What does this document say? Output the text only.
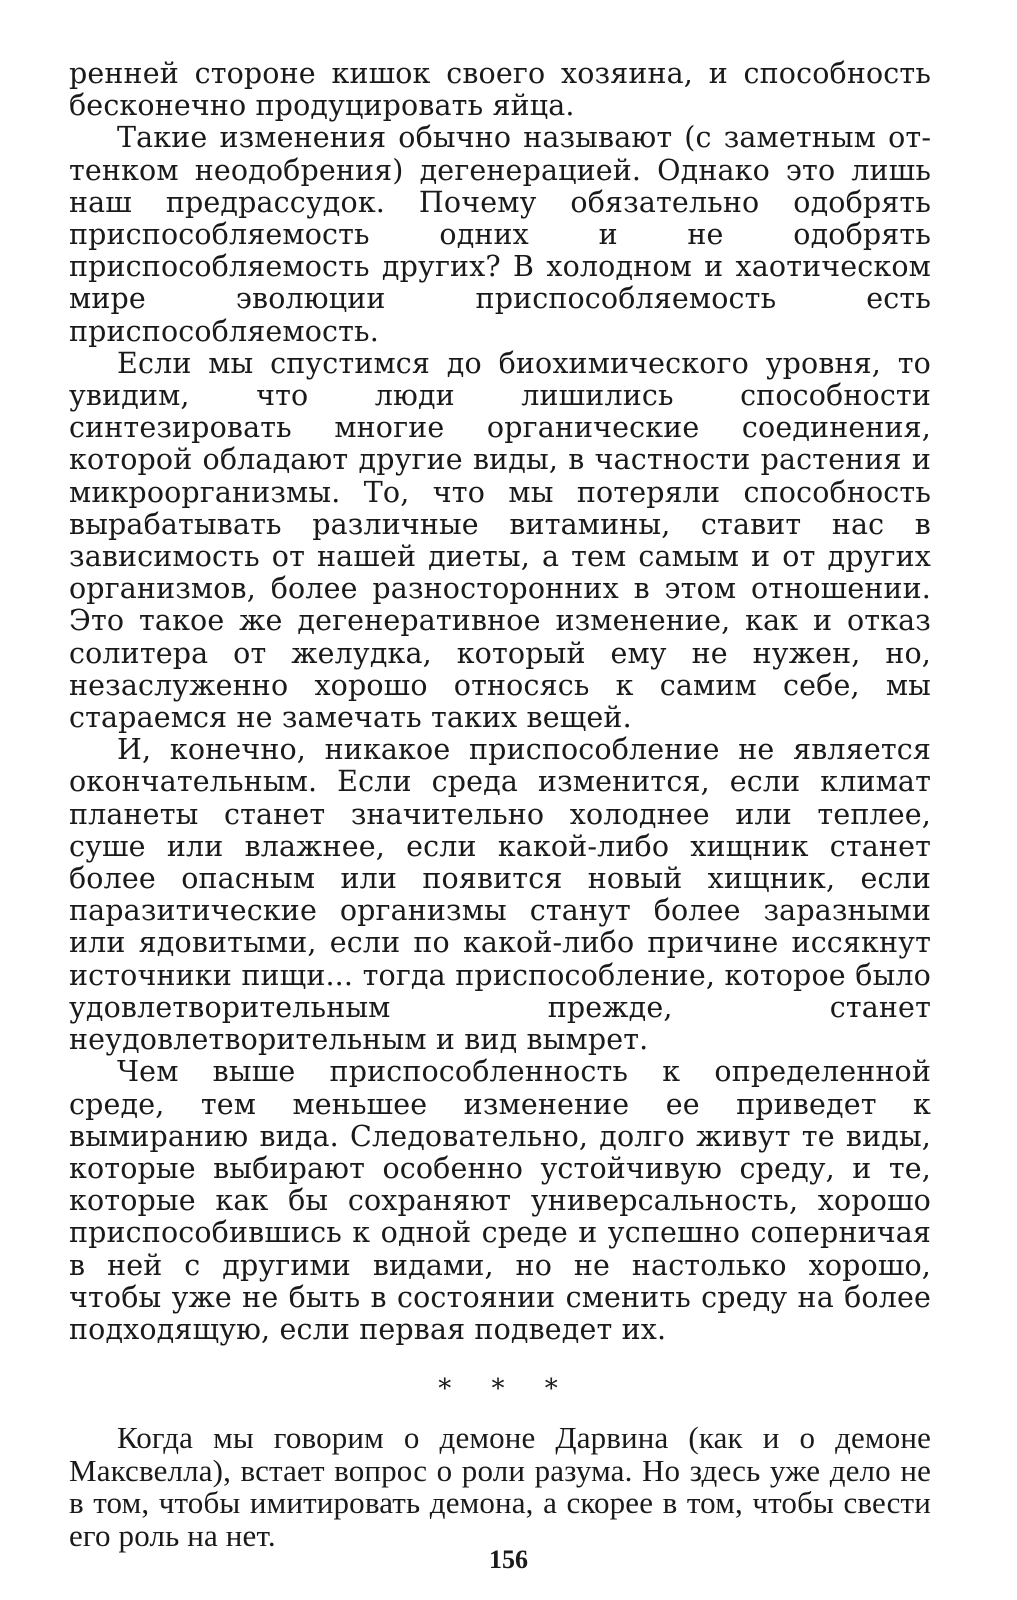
ренней стороне кишок своего хозяина, и способность бесконечно продуцировать яйца.

Такие изменения обычно называют (с заметным оттенком неодобрения) дегенерацией. Однако это лишь наш предрассудок. Почему обязательно одобрять приспособляемость одних и не одобрять приспособляемость других? В холодном и хаотическом мире эволюции приспособляемость есть приспособляемость.

Если мы спустимся до биохимического уровня, то увидим, что люди лишились способности синтезировать многие органические соединения, которой обладают другие виды, в частности растения и микроорганизмы. То, что мы потеряли способность вырабатывать различные витамины, ставит нас в зависимость от нашей диеты, а тем самым и от других организмов, более разносторонних в этом отношении. Это такое же дегенеративное изменение, как и отказ солитера от желудка, который ему не нужен, но, незаслуженно хорошо относясь к самим себе, мы стараемся не замечать таких вещей.

И, конечно, никакое приспособление не является окончательным. Если среда изменится, если климат планеты станет значительно холоднее или теплее, суше или влажнее, если какой-либо хищник станет более опасным или появится новый хищник, если паразитические организмы станут более заразными или ядовитыми, если по какой-либо причине иссякнут источники пищи... тогда приспособление, которое было удовлетворительным прежде, станет неудовлетворительным и вид вымрет.

Чем выше приспособленность к определенной среде, тем меньшее изменение ее приведет к вымиранию вида. Следовательно, долго живут те виды, которые выбирают особенно устойчивую среду, и те, которые как бы сохраняют универсальность, хорошо приспособившись к одной среде и успешно соперничая в ней с другими видами, но не настолько хорошо, чтобы уже не быть в состоянии сменить среду на более подходящую, если первая подведет их.

* * *

Когда мы говорим о демоне Дарвина (как и о демоне Максвелла), встает вопрос о роли разума. Но здесь уже дело не в том, чтобы имитировать демона, а скорее в том, чтобы свести его роль на нет.

156
